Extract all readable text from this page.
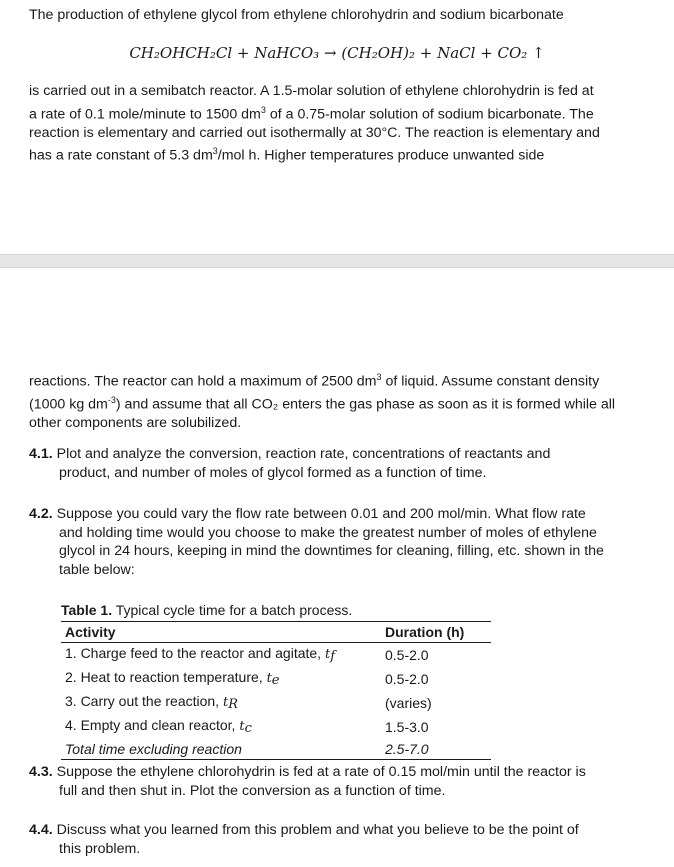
The production of ethylene glycol from ethylene chlorohydrin and sodium bicarbonate
CH₂OHCH₂Cl + NaHCO₃ → (CH₂OH)₂ + NaCl + CO₂ ↑
is carried out in a semibatch reactor. A 1.5-molar solution of ethylene chlorohydrin is fed at
a rate of 0.1 mole/minute to 1500 $dm^3$ of a 0.75-molar solution of sodium bicarbonate. The
reaction is elementary and carried out isothermally at 30°C. The reaction is elementary and
has a rate constant of 5.3 $dm^3$/mol h. Higher temperatures produce unwanted side
reactions. The reactor can hold a maximum of 2500 $dm^3$ of liquid. Assume constant density
(1000 kg $dm^{-3}$) and assume that all CO₂ enters the gas phase as soon as it is formed while all
other components are solubilized.
4.1. Plot and analyze the conversion, reaction rate, concentrations of reactants and
product, and number of moles of glycol formed as a function of time.
4.2. Suppose you could vary the flow rate between 0.01 and 200 mol/min. What flow rate
and holding time would you choose to make the greatest number of moles of ethylene glycol in 24 hours, keeping in mind the downtimes for cleaning, filling, etc. shown in the table below:
Table 1. Typical cycle time for a batch process.
Activity	Duration (h)
1. Charge feed to the reactor and agitate, tf	0.5-2.0
2. Heat to reaction temperature, te	0.5-2.0
3. Carry out the reaction, tR	(varies)
4. Empty and clean reactor, tc	1.5-3.0
Total time excluding reaction	2.5-7.0
4.3. Suppose the ethylene chlorohydrin is fed at a rate of 0.15 mol/min until the reactor is
full and then shut in. Plot the conversion as a function of time.
4.4. Discuss what you learned from this problem and what you believe to be the point of
this problem.
